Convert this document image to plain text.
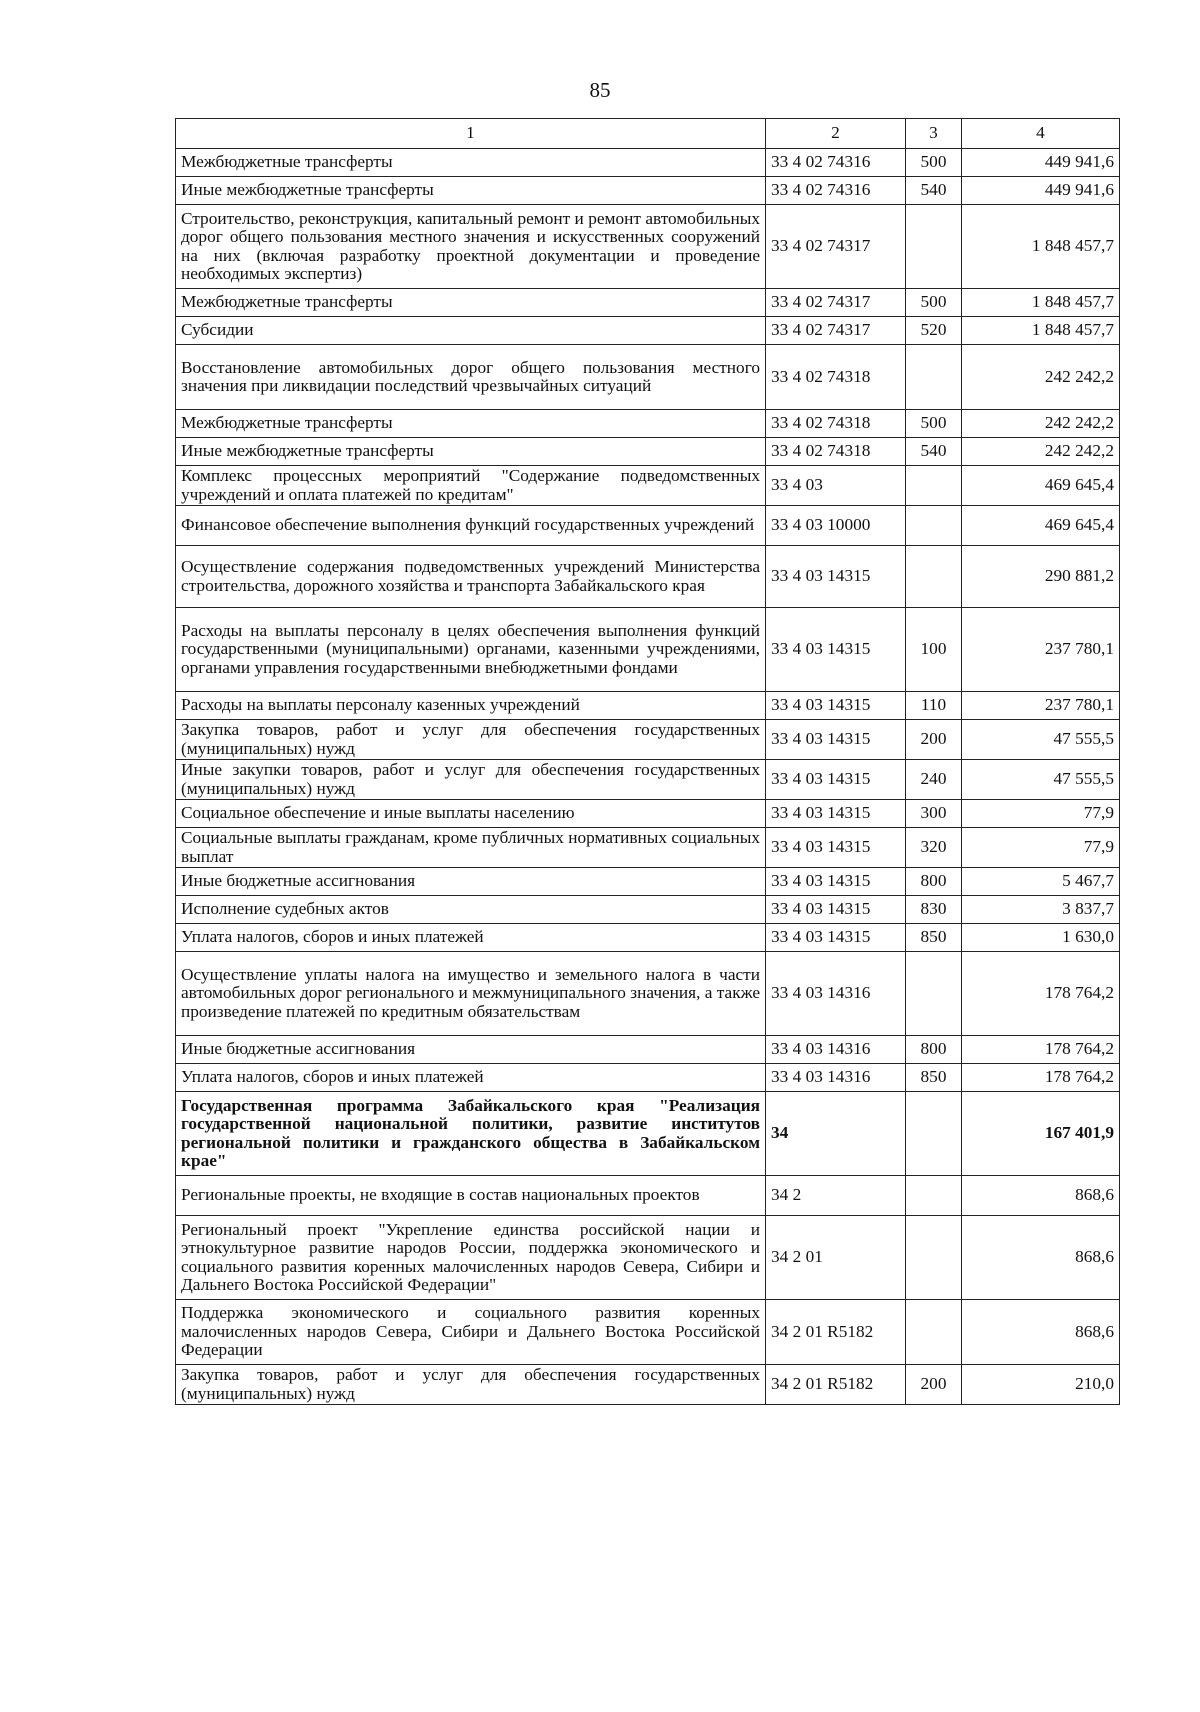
85
1	2	3	4
Межбюджетные трансферты	33 4 02 74316	500	449 941,6
Иные межбюджетные трансферты	33 4 02 74316	540	449 941,6
Строительство, реконструкция, капитальный ремонт и ремонт автомобильных дорог общего пользования местного значения и искусственных сооружений на них (включая разработку проектной документации и проведение необходимых экспертиз)	33 4 02 74317		1 848 457,7
Межбюджетные трансферты	33 4 02 74317	500	1 848 457,7
Субсидии	33 4 02 74317	520	1 848 457,7
Восстановление автомобильных дорог общего пользования местного значения при ликвидации последствий чрезвычайных ситуаций	33 4 02 74318		242 242,2
Межбюджетные трансферты	33 4 02 74318	500	242 242,2
Иные межбюджетные трансферты	33 4 02 74318	540	242 242,2
Комплекс процессных мероприятий "Содержание подведомственных учреждений и оплата платежей по кредитам"	33 4 03		469 645,4
Финансовое обеспечение выполнения функций государственных учреждений	33 4 03 10000		469 645,4
Осуществление содержания подведомственных учреждений Министерства строительства, дорожного хозяйства и транспорта Забайкальского края	33 4 03 14315		290 881,2
Расходы на выплаты персоналу в целях обеспечения выполнения функций государственными (муниципальными) органами, казенными учреждениями, органами управления государственными внебюджетными фондами	33 4 03 14315	100	237 780,1
Расходы на выплаты персоналу казенных учреждений	33 4 03 14315	110	237 780,1
Закупка товаров, работ и услуг для обеспечения государственных (муниципальных) нужд	33 4 03 14315	200	47 555,5
Иные закупки товаров, работ и услуг для обеспечения государственных (муниципальных) нужд	33 4 03 14315	240	47 555,5
Социальное обеспечение и иные выплаты населению	33 4 03 14315	300	77,9
Социальные выплаты гражданам, кроме публичных нормативных социальных выплат	33 4 03 14315	320	77,9
Иные бюджетные ассигнования	33 4 03 14315	800	5 467,7
Исполнение судебных актов	33 4 03 14315	830	3 837,7
Уплата налогов, сборов и иных платежей	33 4 03 14315	850	1 630,0
Осуществление уплаты налога на имущество и земельного налога в части автомобильных дорог регионального и межмуниципального значения, а также произведение платежей по кредитным обязательствам	33 4 03 14316		178 764,2
Иные бюджетные ассигнования	33 4 03 14316	800	178 764,2
Уплата налогов, сборов и иных платежей	33 4 03 14316	850	178 764,2
Государственная программа Забайкальского края "Реализация государственной национальной политики, развитие институтов региональной политики и гражданского общества в Забайкальском крае"	34		167 401,9
Региональные проекты, не входящие в состав национальных проектов	34 2		868,6
Региональный проект "Укрепление единства российской нации и этнокультурное развитие народов России, поддержка экономического и социального развития коренных малочисленных народов Севера, Сибири и Дальнего Востока Российской Федерации"	34 2 01		868,6
Поддержка экономического и социального развития коренных малочисленных народов Севера, Сибири и Дальнего Востока Российской Федерации	34 2 01 R5182		868,6
Закупка товаров, работ и услуг для обеспечения государственных (муниципальных) нужд	34 2 01 R5182	200	210,0
